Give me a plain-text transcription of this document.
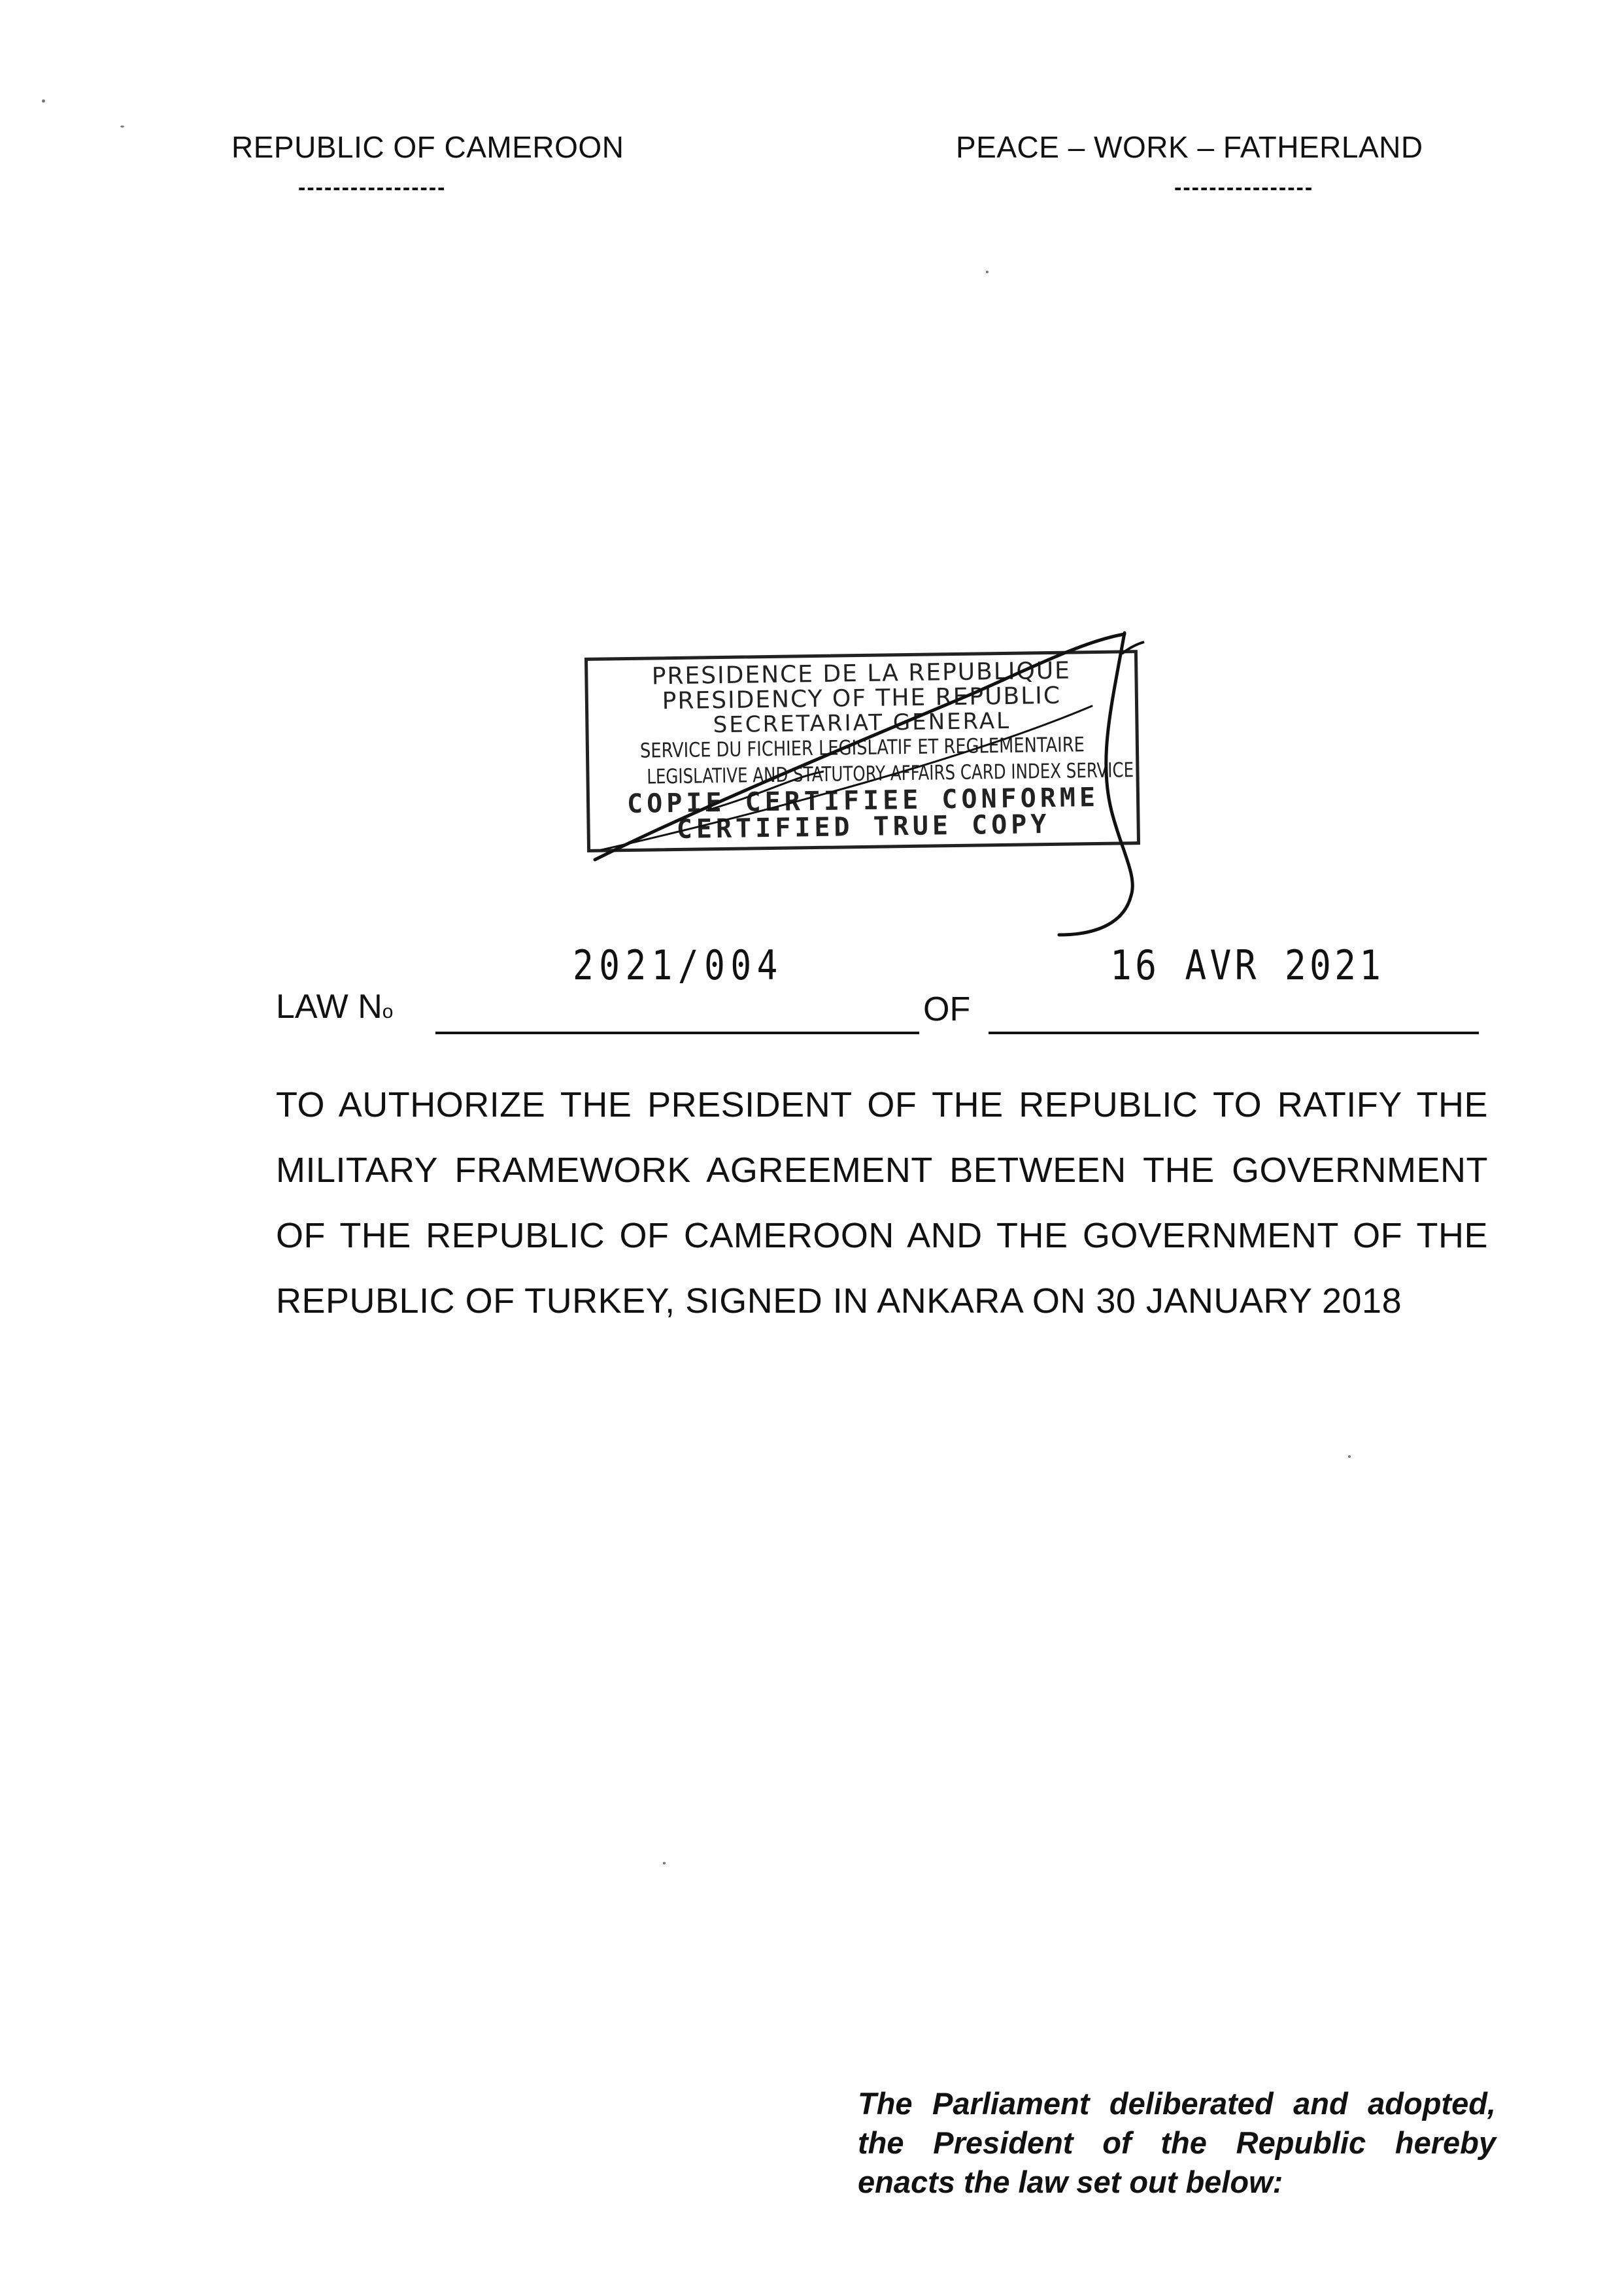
REPUBLIC OF CAMEROON	PEACE – WORK – FATHERLAND
-----------------	----------------
PRESIDENCE DE LA REPUBLIQUE
PRESIDENCY OF THE REPUBLIC
SECRETARIAT GENERAL
SERVICE DU FICHIER LEGISLATIF ET REGLEMENTAIRE
LEGISLATIVE AND STATUTORY AFFAIRS CARD INDEX SERVICE
COPIE CERTIFIEE CONFORME
CERTIFIED TRUE COPY
LAW No
2021/004
OF
16 AVR 2021
TO AUTHORIZE THE PRESIDENT OF THE REPUBLIC TO RATIFY THE MILITARY FRAMEWORK AGREEMENT BETWEEN THE GOVERNMENT OF THE REPUBLIC OF CAMEROON AND THE GOVERNMENT OF THE REPUBLIC OF TURKEY, SIGNED IN ANKARA ON 30 JANUARY 2018
The Parliament deliberated and adopted, the President of the Republic hereby enacts the law set out below:
